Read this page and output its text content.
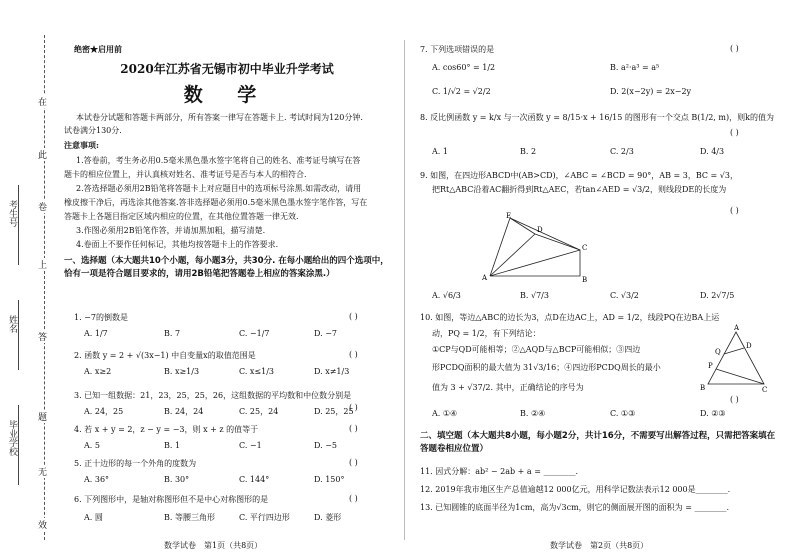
考生号
姓名
毕业学校
在
此
卷
上
答
题
无
效
绝密★启用前
2020年江苏省无锡市初中毕业升学考试
数 学
本试卷分试题和答题卡两部分，所有答案一律写在答题卡上. 考试时间为120分钟.
试卷满分130分.
注意事项:
1.答卷前，考生务必用0.5毫米黑色墨水签字笔将自己的姓名、准考证号填写在答
题卡的相应位置上，并认真核对姓名、准考证号是否与本人的相符合.
2.答选择题必须用2B铅笔将答题卡上对应题目中的选项标号涂黑.如需改动，请用
橡皮擦干净后，再选涂其他答案.答非选择题必须用0.5毫米黑色墨水签字笔作答，写在
答题卡上各题目指定区域内相应的位置，在其他位置答题一律无效.
3.作图必须用2B铅笔作答，并请加黑加粗，描写清楚.
4.卷面上不要作任何标记，其他均按答题卡上的作答要求.
一、选择题（本大题共10个小题，每小题3分，共30分. 在每小题给出的四个选项中，恰有一项是符合题目要求的，请用2B铅笔把答题卷上相应的答案涂黑.）
1. −7的倒数是	( )
A. 1/7	B. 7	C. −1/7	D. −7
2. 函数 y = 2 + √(3x−1) 中自变量x的取值范围是	( )
A. x≥2	B. x≥1/3	C. x≤1/3	D. x≠1/3
3. 已知一组数据：21，23，25，25，26，这组数据的平均数和中位数分别是
( )
A. 24，25	B. 24，24	C. 25，24	D. 25，25
4. 若 x + y = 2，z − y = −3，则 x + z 的值等于	( )
A. 5	B. 1	C. −1	D. −5
5. 正十边形的每一个外角的度数为	( )
A. 36°	B. 30°	C. 144°	D. 150°
6. 下列图形中，是轴对称图形但不是中心对称图形的是	( )
A. 圆	B. 等腰三角形	C. 平行四边形	D. 菱形
数学试卷　第1页（共8页）
7. 下列选项错误的是	( )
A. cos60° = 1/2	B. a²·a³ = a⁵
C. 1/√2 = √2/2	D. 2(x−2y) = 2x−2y
8. 反比例函数 y = k/x 与一次函数 y = 8/15·x + 16/15 的图形有一个交点 B(1/2, m)，则k的值为
( )
A. 1	B. 2	C. 2/3	D. 4/3
9. 如图，在四边形ABCD中(AB>CD)，∠ABC = ∠BCD = 90°，AB = 3，BC = √3，
把Rt△ABC沿着AC翻折得到Rt△AEC，若tan∠AED = √3/2，则线段DE的长度为
( )
A	B
C
D
E
A. √6/3	B. √7/3	C. √3/2	D. 2√7/5
10. 如图，等边△ABC的边长为3，点D在边AC上，AD = 1/2，线段PQ在边BA上运
动，PQ = 1/2，有下列结论：
①CP与QD可能相等；②△AQD与△BCP可能相似；③四边
形PCDQ面积的最大值为 31√3/16；④四边形PCDQ周长的最小
值为 3 + √37/2. 其中，正确结论的序号为
( )
B	C
A
D
P
Q
A. ①④	B. ②④	C. ①③	D. ②③
二、填空题（本大题共8小题，每小题2分，共计16分，不需要写出解答过程，只需把答案填在答题卷相应位置）
11. 因式分解：ab² − 2ab + a = ________.
12. 2019年我市地区生产总值逾越12 000亿元，用科学记数法表示12 000是________.
13. 已知圆锥的底面半径为1cm，高为√3cm，则它的侧面展开图的面积为 = ________.
数学试卷　第2页（共8页）
